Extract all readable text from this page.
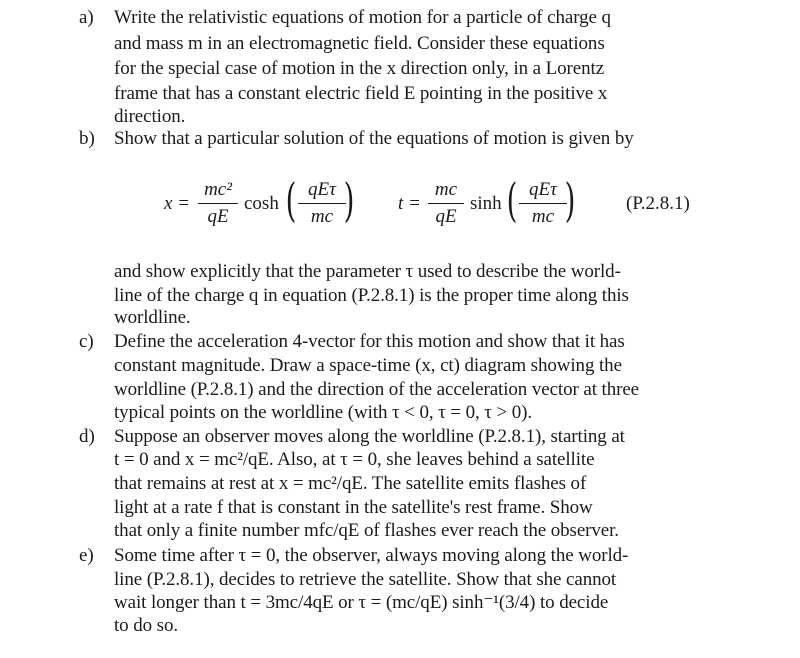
a) Write the relativistic equations of motion for a particle of charge q
and mass m in an electromagnetic field. Consider these equations
for the special case of motion in the x direction only, in a Lorentz
frame that has a constant electric field E pointing in the positive x
direction.
b) Show that a particular solution of the equations of motion is given by
x =
mc²
qE
cosh ( qEτ
mc ) t =
mc
qE
sinh ( qEτ
mc )	(P.2.8.1)
and show explicitly that the parameter τ used to describe the world-
line of the charge q in equation (P.2.8.1) is the proper time along this
worldline.
c) Define the acceleration 4-vector for this motion and show that it has
constant magnitude. Draw a space-time (x, ct) diagram showing the
worldline (P.2.8.1) and the direction of the acceleration vector at three
typical points on the worldline (with τ < 0, τ = 0, τ > 0).
d) Suppose an observer moves along the worldline (P.2.8.1), starting at
t = 0 and x = mc²/qE. Also, at τ = 0, she leaves behind a satellite
that remains at rest at x = mc²/qE. The satellite emits flashes of
light at a rate f that is constant in the satellite's rest frame. Show
that only a finite number mfc/qE of flashes ever reach the observer.
e) Some time after τ = 0, the observer, always moving along the world-
line (P.2.8.1), decides to retrieve the satellite. Show that she cannot
wait longer than t = 3mc/4qE or τ = (mc/qE) sinh⁻¹(3/4) to decide
to do so.
